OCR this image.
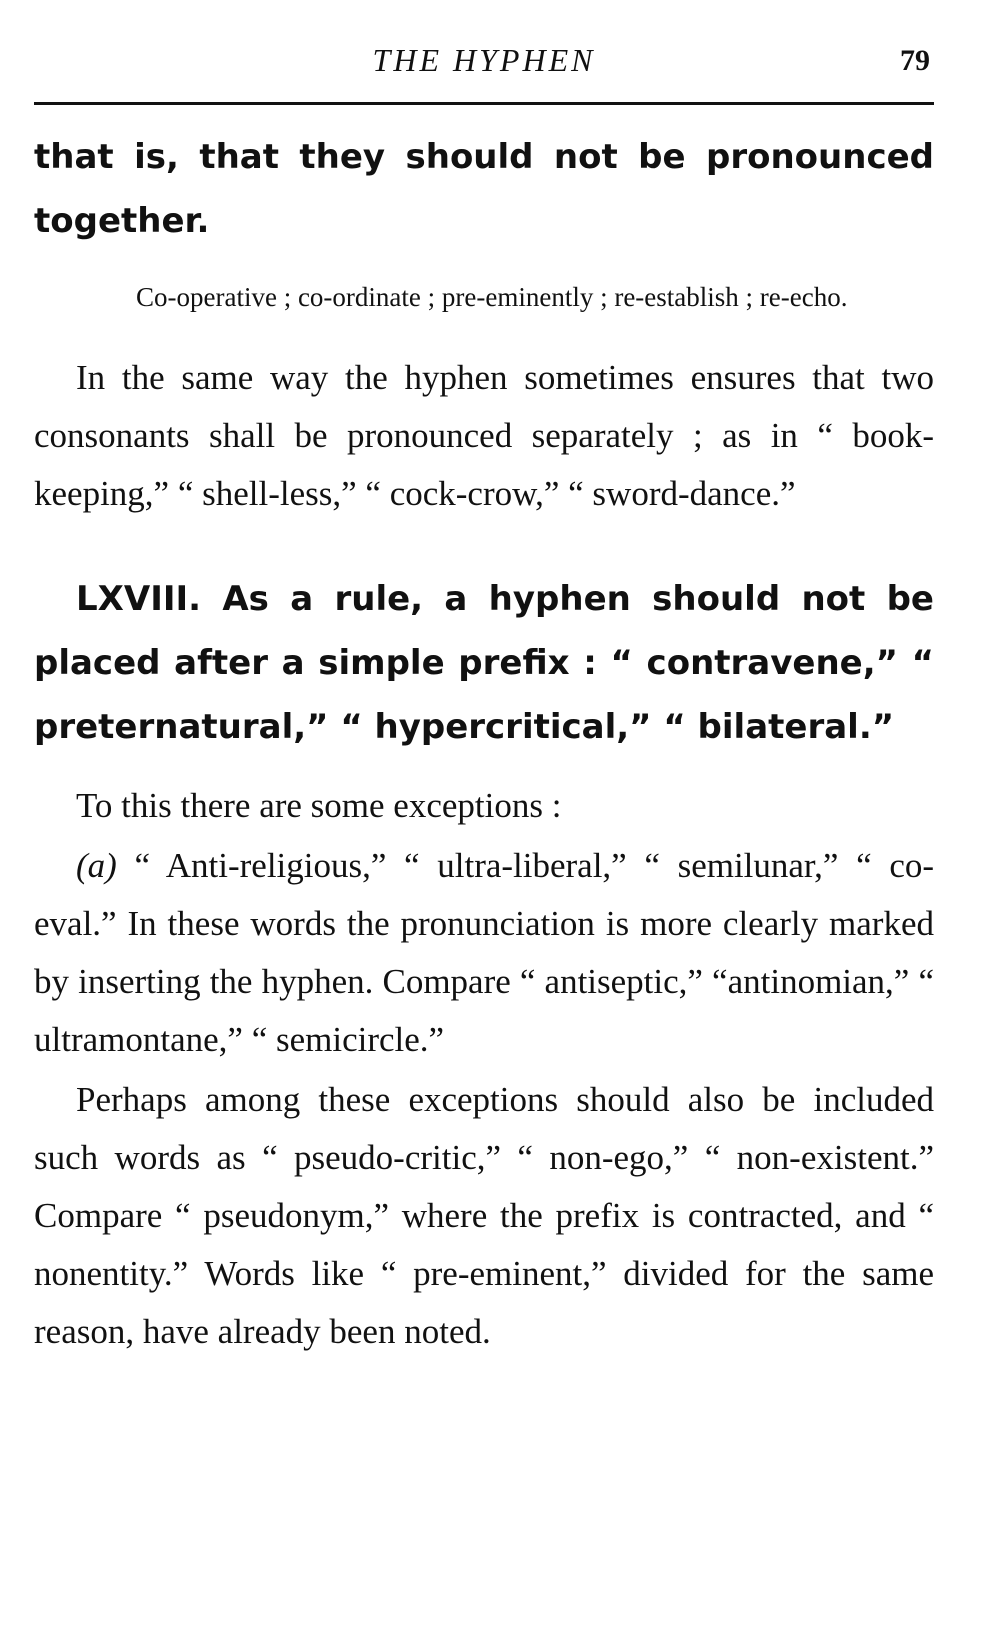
THE HYPHEN	79

that is, that they should not be pronounced together.

Co-operative ; co-ordinate ; pre-eminently ; re-establish ; re-echo.

In the same way the hyphen sometimes ensures that two consonants shall be pronounced separately ; as in “ book-keeping,” “ shell-less,” “ cock-crow,” “ sword-dance.”

LXVIII. As a rule, a hyphen should not be placed after a simple prefix : “ contravene,” “ preternatural,” “ hypercritical,” “ bilateral.”

To this there are some exceptions :

(a) “ Anti-religious,” “ ultra-liberal,” “ semilunar,” “ co-eval.” In these words the pronunciation is more clearly marked by inserting the hyphen. Compare “ antiseptic,” “antinomian,” “ ultramontane,” “ semicircle.”

Perhaps among these exceptions should also be included such words as “ pseudo-critic,” “ non-ego,” “ non-existent.” Compare “ pseudonym,” where the prefix is contracted, and “ nonentity.” Words like “ pre-eminent,” divided for the same reason, have already been noted.
